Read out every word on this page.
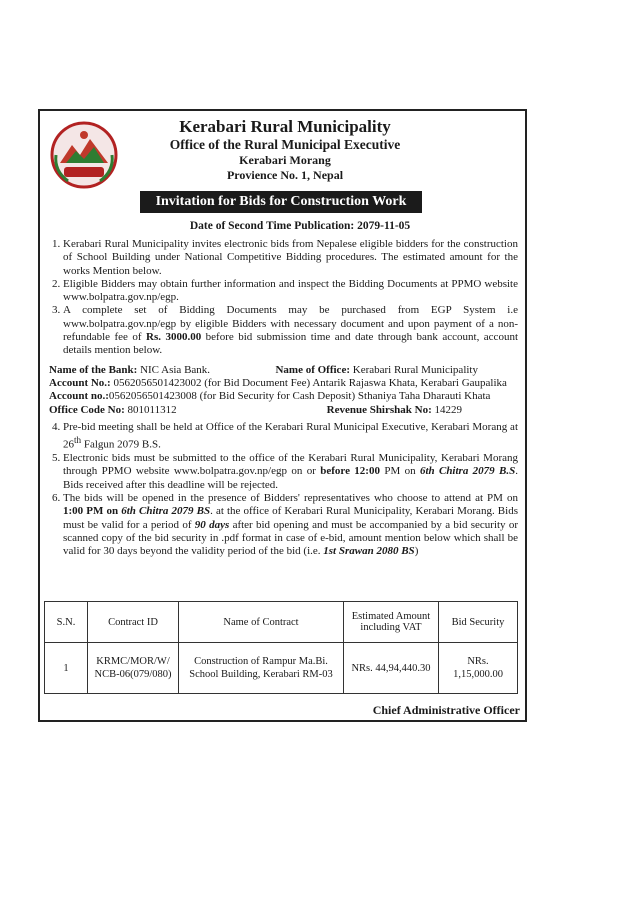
Kerabari Rural Municipality
Office of the Rural Municipal Executive
Kerabari Morang
Provience No. 1, Nepal
Invitation for Bids for Construction Work
Date of Second Time Publication: 2079-11-05
1. Kerabari Rural Municipality invites electronic bids from Nepalese eligible bidders for the construction of School Building under National Competitive Bidding procedures. The estimated amount for the works Mention below.
2. Eligible Bidders may obtain further information and inspect the Bidding Documents at PPMO website www.bolpatra.gov.np/egp.
3. A complete set of Bidding Documents may be purchased from EGP System i.e www.bolpatra.gov.np/egp by eligible Bidders with necessary document and upon payment of a non-refundable fee of Rs. 3000.00 before bid submission time and date through bank account, account details mention below.

Name of the Bank: NIC Asia Bank.	Name of Office: Kerabari Rural Municipality

Account No.: 0562056501423002 (for Bid Document Fee) Antarik Rajaswa Khata, Kerabari Gaupalika

Account no.:0562056501423008 (for Bid Security for Cash Deposit) Sthaniya Taha Dharauti Khata

Office Code No: 801011312	Revenue Shirshak No: 14229

4. Pre-bid meeting shall be held at Office of the Kerabari Rural Municipal Executive, Kerabari Morang at 26th Falgun 2079 B.S.
5. Electronic bids must be submitted to the office of the Kerabari Rural Municipality, Kerabari Morang through PPMO website www.bolpatra.gov.np/egp on or before 12:00 PM on 6th Chitra 2079 B.S. Bids received after this deadline will be rejected.
6. The bids will be opened in the presence of Bidders' representatives who choose to attend at PM on 1:00 PM on 6th Chitra 2079 BS. at the office of Kerabari Rural Municipality, Kerabari Morang. Bids must be valid for a period of 90 days after bid opening and must be accompanied by a bid security or scanned copy of the bid security in .pdf format in case of e-bid, amount mention below which shall be valid for 30 days beyond the validity period of the bid (i.e. 1st Srawan 2080 BS)
S.N.	Contract ID	Name of Contract	Estimated Amount including VAT	Bid Security
1	KRMC/MOR/W/ NCB-06(079/080)	Construction of Rampur Ma.Bi. School Building, Kerabari RM-03	NRs. 44,94,440.30	NRs. 1,15,000.00
Chief Administrative Officer
